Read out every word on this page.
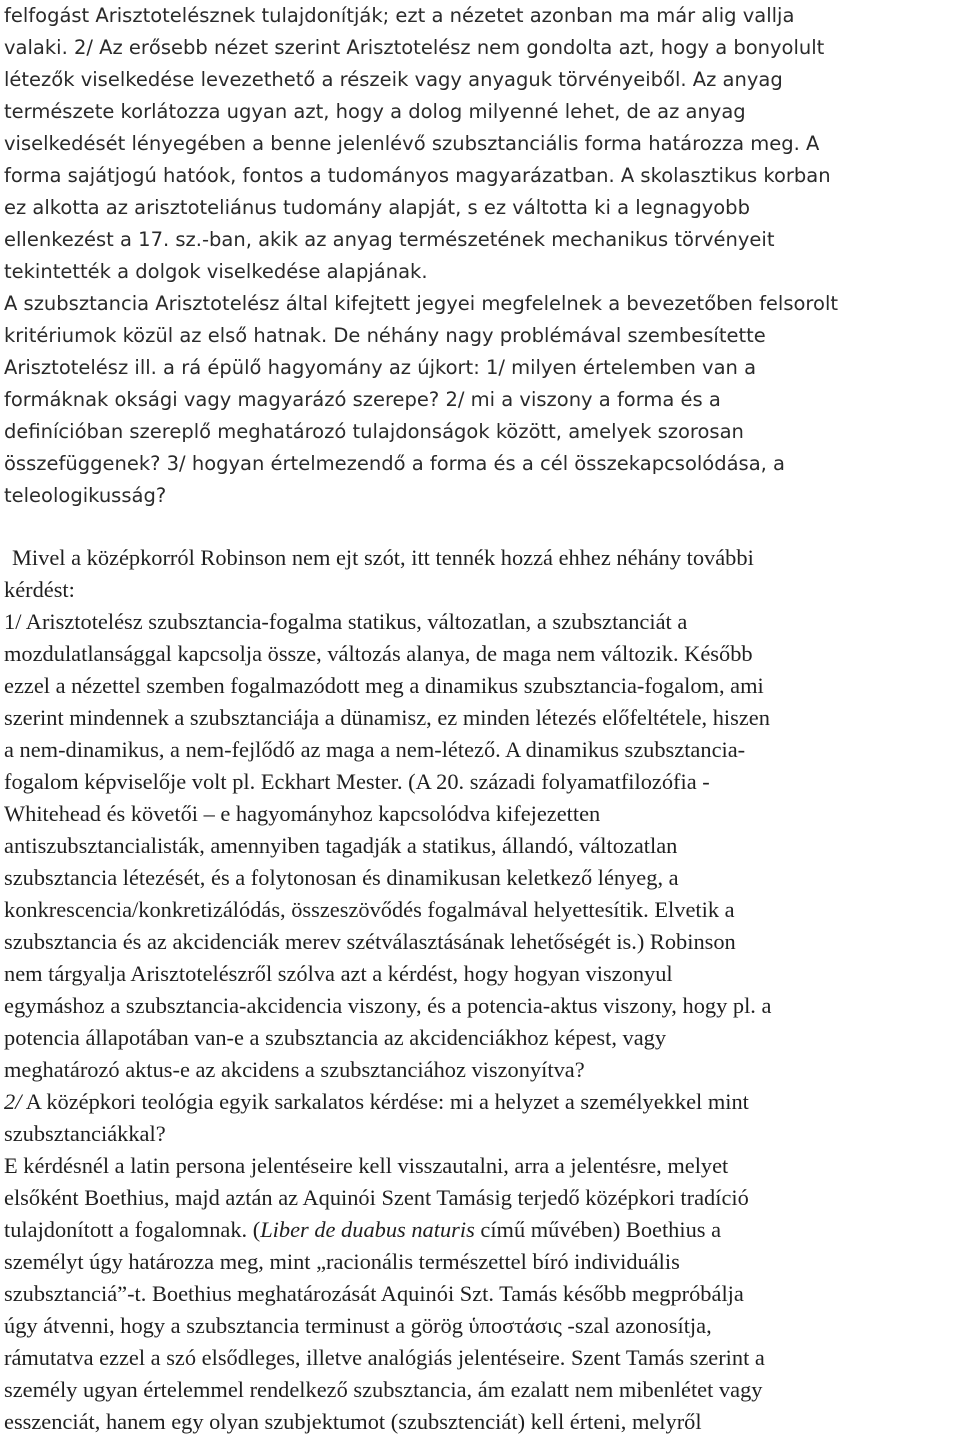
felfogást Arisztotelésznek tulajdonítják; ezt a nézetet azonban ma már alig vallja
valaki. 2/ Az erősebb nézet szerint Arisztotelész nem gondolta azt, hogy a bonyolult
létezők viselkedése levezethető a részeik vagy anyaguk törvényeiből. Az anyag
természete korlátozza ugyan azt, hogy a dolog milyenné lehet, de az anyag
viselkedését lényegében a benne jelenlévő szubsztanciális forma határozza meg. A
forma sajátjogú hatóok, fontos a tudományos magyarázatban. A skolasztikus korban
ez alkotta az arisztoteliánus tudomány alapját, s ez váltotta ki a legnagyobb
ellenkezést a 17. sz.-ban, akik az anyag természetének mechanikus törvényeit
tekintették a dolgok viselkedése alapjának.
A szubsztancia Arisztotelész által kifejtett jegyei megfelelnek a bevezetőben felsorolt
kritériumok közül az első hatnak. De néhány nagy problémával szembesítette
Arisztotelész ill. a rá épülő hagyomány az újkort: 1/ milyen értelemben van a
formáknak oksági vagy magyarázó szerepe? 2/ mi a viszony a forma és a
definícióban szereplő meghatározó tulajdonságok között, amelyek szorosan
összefüggenek? 3/ hogyan értelmezendő a forma és a cél összekapcsolódása, a
teleologikusság?
Mivel a középkorról Robinson nem ejt szót, itt tennék hozzá ehhez néhány további
kérdést:
1/ Arisztotelész szubsztancia-fogalma statikus, változatlan, a szubsztanciát a
mozdulatlansággal kapcsolja össze, változás alanya, de maga nem változik. Később
ezzel a nézettel szemben fogalmazódott meg a dinamikus szubsztancia-fogalom, ami
szerint mindennek a szubsztanciája a dünamisz, ez minden létezés előfeltétele, hiszen
a nem-dinamikus, a nem-fejlődő az maga a nem-létező. A dinamikus szubsztancia-
fogalom képviselője volt pl. Eckhart Mester. (A 20. századi folyamatfilozófia -
Whitehead és követői – e hagyományhoz kapcsolódva kifejezetten
antiszubsztancialisták, amennyiben tagadják a statikus, állandó, változatlan
szubsztancia létezését, és a folytonosan és dinamikusan keletkező lényeg, a
konkrescencia/konkretizálódás, összeszövődés fogalmával helyettesítik. Elvetik a
szubsztancia és az akcidenciák merev szétválasztásának lehetőségét is.) Robinson
nem tárgyalja Arisztotelészről szólva azt a kérdést, hogy hogyan viszonyul
egymáshoz a szubsztancia-akcidencia viszony, és a potencia-aktus viszony, hogy pl. a
potencia állapotában van-e a szubsztancia az akcidenciákhoz képest, vagy
meghatározó aktus-e az akcidens a szubsztanciához viszonyítva?
2/ A középkori teológia egyik sarkalatos kérdése: mi a helyzet a személyekkel mint
szubsztanciákkal?
E kérdésnél a latin persona jelentéseire kell visszautalni, arra a jelentésre, melyet
elsőként Boethius, majd aztán az Aquinói Szent Tamásig terjedő középkori tradíció
tulajdonított a fogalomnak. (Liber de duabus naturis című művében) Boethius a
személyt úgy határozza meg, mint „racionális természettel bíró individuális
szubsztanciá”-t. Boethius meghatározását Aquinói Szt. Tamás később megpróbálja
úgy átvenni, hogy a szubsztancia terminust a görög ὑποστάσις -szal azonosítja,
rámutatva ezzel a szó elsődleges, illetve analógiás jelentéseire. Szent Tamás szerint a
személy ugyan értelemmel rendelkező szubsztancia, ám ezalatt nem mibenlétet vagy
esszenciát, hanem egy olyan szubjektumot (szubsztenciát) kell érteni, melyről
